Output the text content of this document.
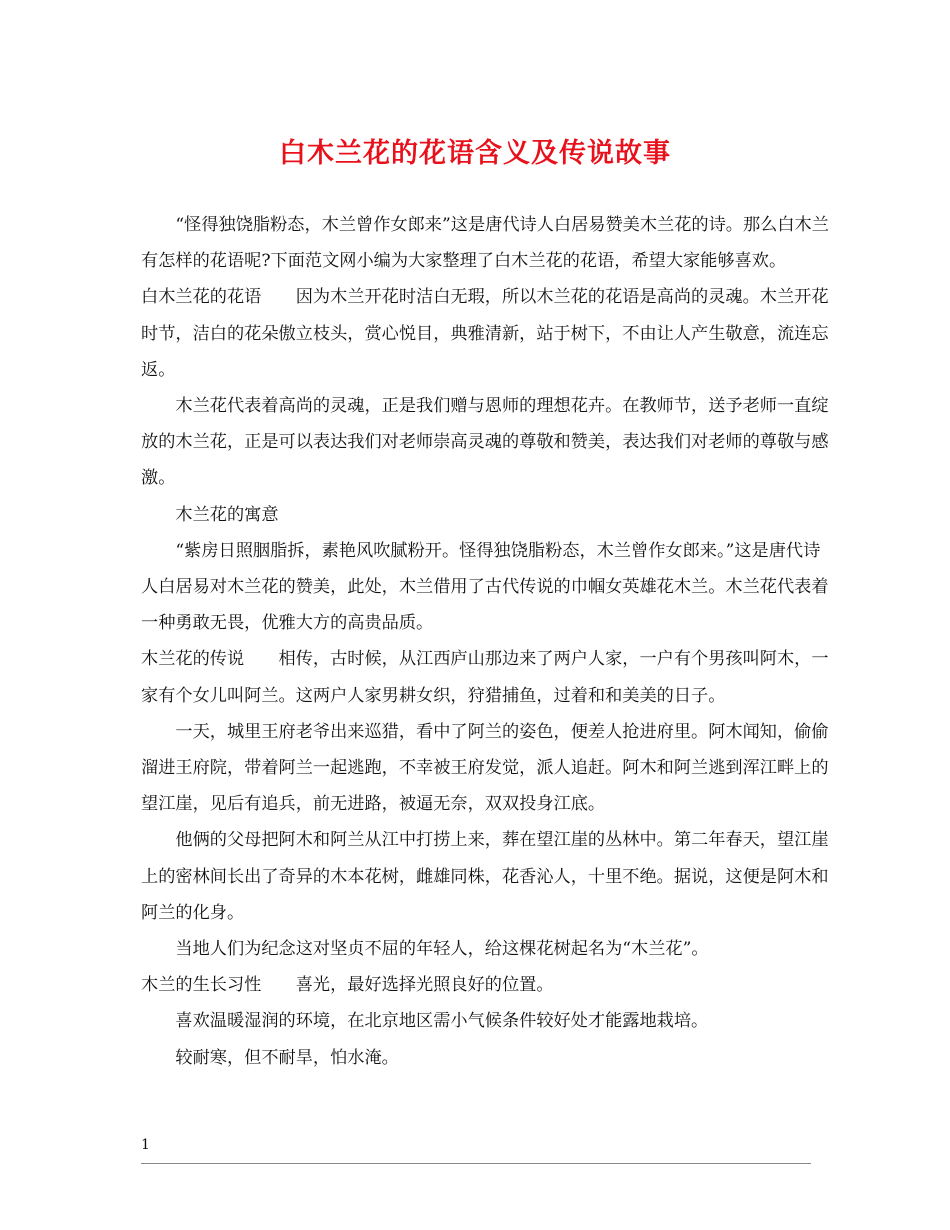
白木兰花的花语含义及传说故事

“怪得独饶脂粉态，木兰曾作女郎来”这是唐代诗人白居易赞美木兰花的诗。那么白木兰有怎样的花语呢?下面范文网小编为大家整理了白木兰花的花语，希望大家能够喜欢。

白木兰花的花语 因为木兰开花时洁白无瑕，所以木兰花的花语是高尚的灵魂。木兰开花时节，洁白的花朵傲立枝头，赏心悦目，典雅清新，站于树下，不由让人产生敬意，流连忘返。

木兰花代表着高尚的灵魂，正是我们赠与恩师的理想花卉。在教师节，送予老师一直绽放的木兰花，正是可以表达我们对老师崇高灵魂的尊敬和赞美，表达我们对老师的尊敬与感激。

木兰花的寓意

“紫房日照胭脂拆，素艳风吹腻粉开。怪得独饶脂粉态，木兰曾作女郎来。”这是唐代诗人白居易对木兰花的赞美，此处，木兰借用了古代传说的巾帼女英雄花木兰。木兰花代表着一种勇敢无畏，优雅大方的高贵品质。

木兰花的传说 相传，古时候，从江西庐山那边来了两户人家，一户有个男孩叫阿木，一家有个女儿叫阿兰。这两户人家男耕女织，狩猎捕鱼，过着和和美美的日子。

一天，城里王府老爷出来巡猎，看中了阿兰的姿色，便差人抢进府里。阿木闻知，偷偷溜进王府院，带着阿兰一起逃跑，不幸被王府发觉，派人追赶。阿木和阿兰逃到浑江畔上的望江崖，见后有追兵，前无进路，被逼无奈，双双投身江底。

他俩的父母把阿木和阿兰从江中打捞上来，葬在望江崖的丛林中。第二年春天，望江崖上的密林间长出了奇异的木本花树，雌雄同株，花香沁人，十里不绝。据说，这便是阿木和阿兰的化身。

当地人们为纪念这对坚贞不屈的年轻人，给这棵花树起名为“木兰花”。

木兰的生长习性 喜光，最好选择光照良好的位置。

喜欢温暖湿润的环境，在北京地区需小气候条件较好处才能露地栽培。

较耐寒，但不耐旱，怕水淹。

1
